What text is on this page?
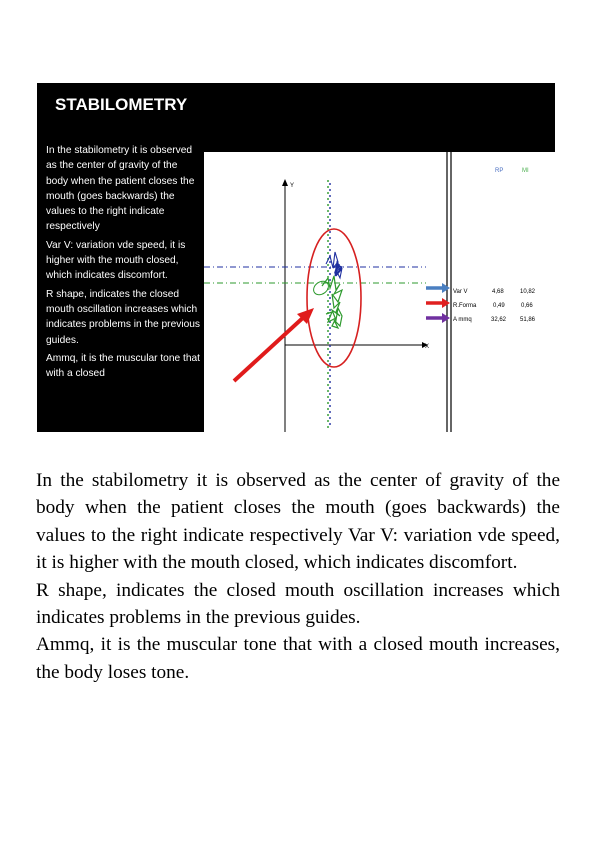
STABILOMETRY

In the stabilometry it is observed as the center of gravity of the body when the patient closes the mouth (goes backwards) the values to the right indicate respectively

Var V: variation vde speed, it is higher with the mouth closed, which indicates discomfort.

R shape, indicates the closed mouth oscillation increases which indicates problems in the previous guides.

Ammq, it is the muscular tone that with a closed

Y
X
RP	MI
Var V	4,68	10,82
R.Forma	0,49	0,66
A mmq	32,62 51,86

In the stabilometry it is observed as the center of gravity of the body when the patient closes the mouth (goes backwards) the values to the right indicate respectively Var V: variation vde speed, it is higher with the mouth closed, which indicates discomfort.

R shape, indicates the closed mouth oscillation increases which indicates problems in the previous guides.

Ammq, it is the muscular tone that with a closed mouth increases, the body loses tone.
